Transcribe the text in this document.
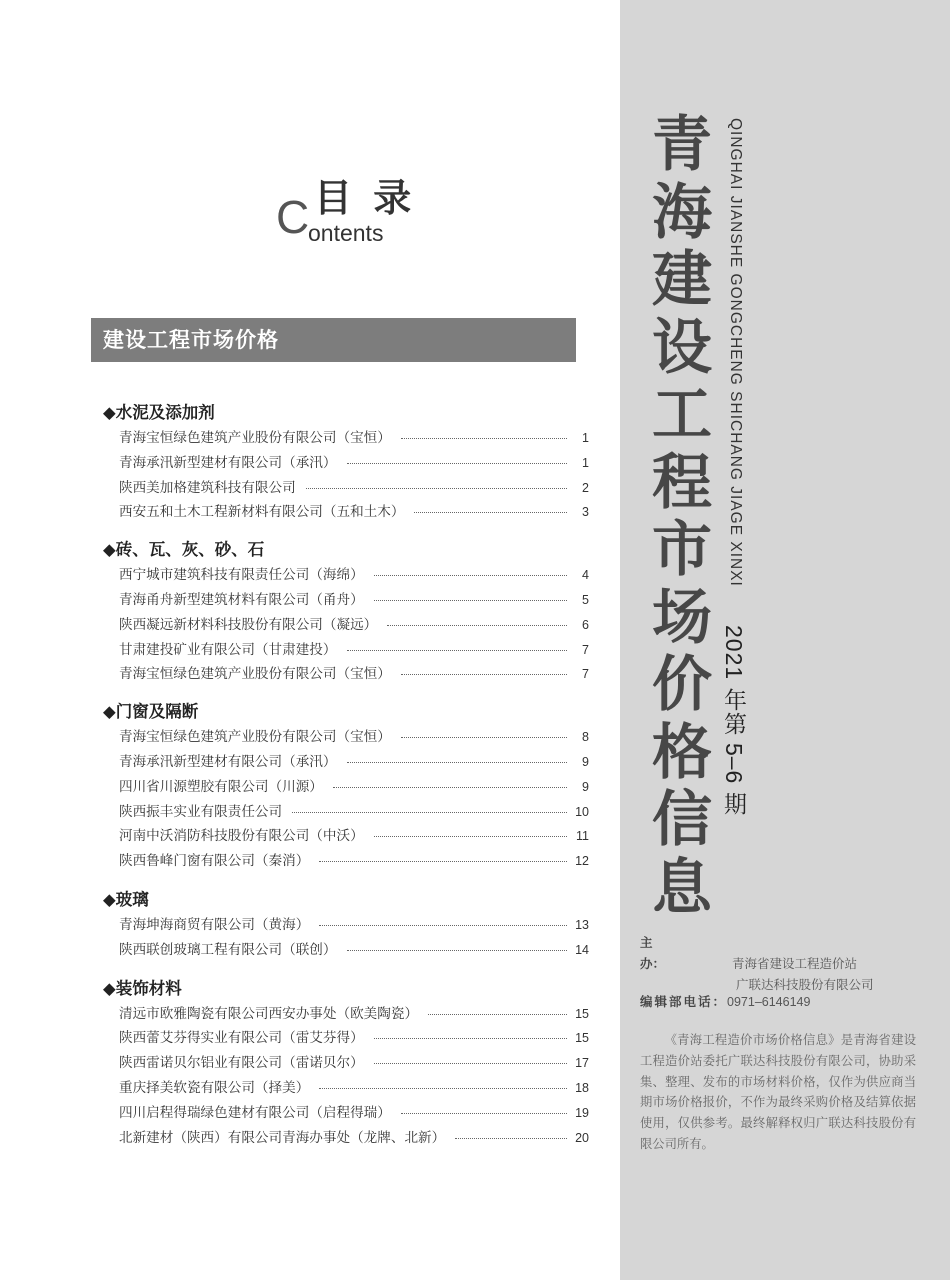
目 录
C
ontents
建设工程市场价格
◆水泥及添加剂
青海宝恒绿色建筑产业股份有限公司（宝恒）	1
青海承汛新型建材有限公司（承汛）	1
陕西美加格建筑科技有限公司	2
西安五和土木工程新材料有限公司（五和土木）	3
◆砖、瓦、灰、砂、石
西宁城市建筑科技有限责任公司（海绵）	4
青海甬舟新型建筑材料有限公司（甬舟）	5
陕西凝远新材料科技股份有限公司（凝远）	6
甘肃建投矿业有限公司（甘肃建投）	7
青海宝恒绿色建筑产业股份有限公司（宝恒）	7
◆门窗及隔断
青海宝恒绿色建筑产业股份有限公司（宝恒）	8
青海承汛新型建材有限公司（承汛）	9
四川省川源塑胶有限公司（川源）	9
陕西振丰实业有限责任公司	10
河南中沃消防科技股份有限公司（中沃）	11
陕西鲁峰门窗有限公司（秦消）	12
◆玻璃
青海坤海商贸有限公司（黄海）	13
陕西联创玻璃工程有限公司（联创）	14
◆装饰材料
清远市欧雅陶瓷有限公司西安办事处（欧美陶瓷）	15
陕西蕾艾芬得实业有限公司（雷艾芬得）	15
陕西雷诺贝尔铝业有限公司（雷诺贝尔）	17
重庆择美软瓷有限公司（择美）	18
四川启程得瑞绿色建材有限公司（启程得瑞）	19
北新建材（陕西）有限公司青海办事处（龙牌、北新）	20
青
海
建
设
工
程
市
场
价
格
信
息
QINGHAI JIANSHE GONGCHENG SHICHANG JIAGE XINXI
2021 年第 5–6 期
主办：	青海省建设工程造价站
广联达科技股份有限公司
编辑部电话：0971–6146149
《青海工程造价市场价格信息》是青海省建设工程造价站委托广联达科技股份有限公司，协助采集、整理、发布的市场材料价格，仅作为供应商当期市场价格报价，不作为最终采购价格及结算依据使用，仅供参考。最终解释权归广联达科技股份有限公司所有。
